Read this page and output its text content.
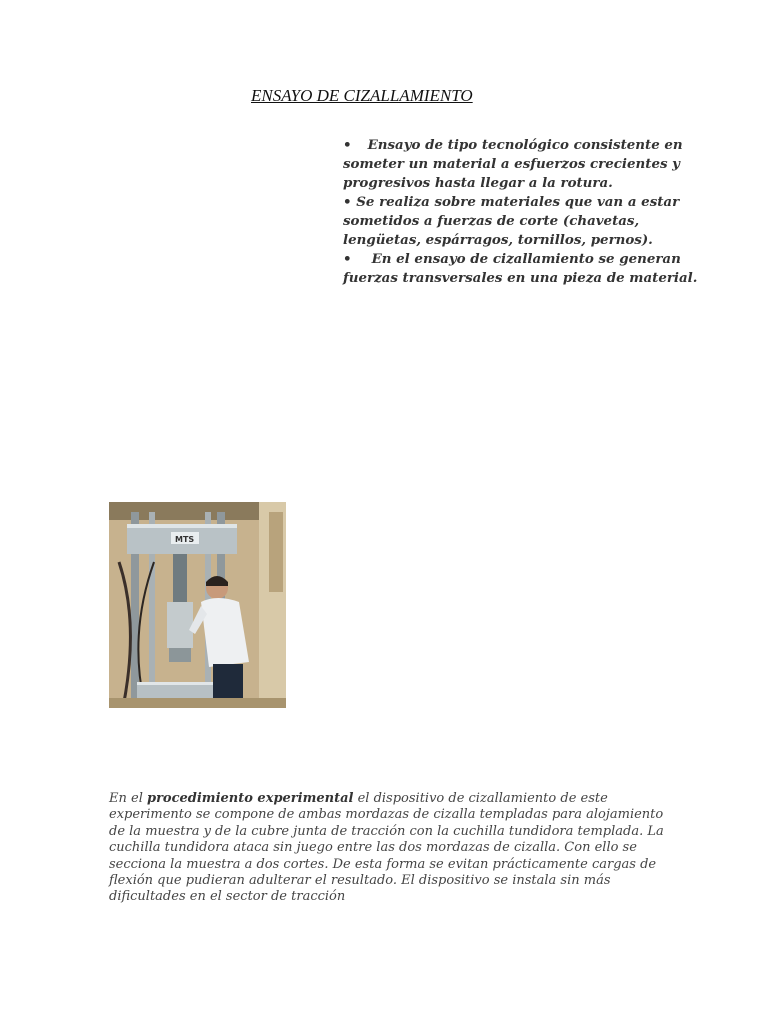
ENSAYO DE CIZALLAMIENTO

• Ensayo de tipo tecnológico consistente en someter un material a esfuerzos crecientes y progresivos hasta llegar a la rotura.

• Se realiza sobre materiales que van a estar sometidos a fuerzas de corte (chavetas, lengüetas, espárragos, tornillos, pernos).

• En el ensayo de cizallamiento se generan fuerzas transversales en una pieza de material.

MTS
En el procedimiento experimental el dispositivo de cizallamiento de este experimento se compone de ambas mordazas de cizalla templadas para alojamiento de la muestra y de la cubre junta de tracción con la cuchilla tundidora templada. La cuchilla tundidora ataca sin juego entre las dos mordazas de cizalla. Con ello se secciona la muestra a dos cortes. De esta forma se evitan prácticamente cargas de flexión que pudieran adulterar el resultado. El dispositivo se instala sin más dificultades en el sector de tracción
